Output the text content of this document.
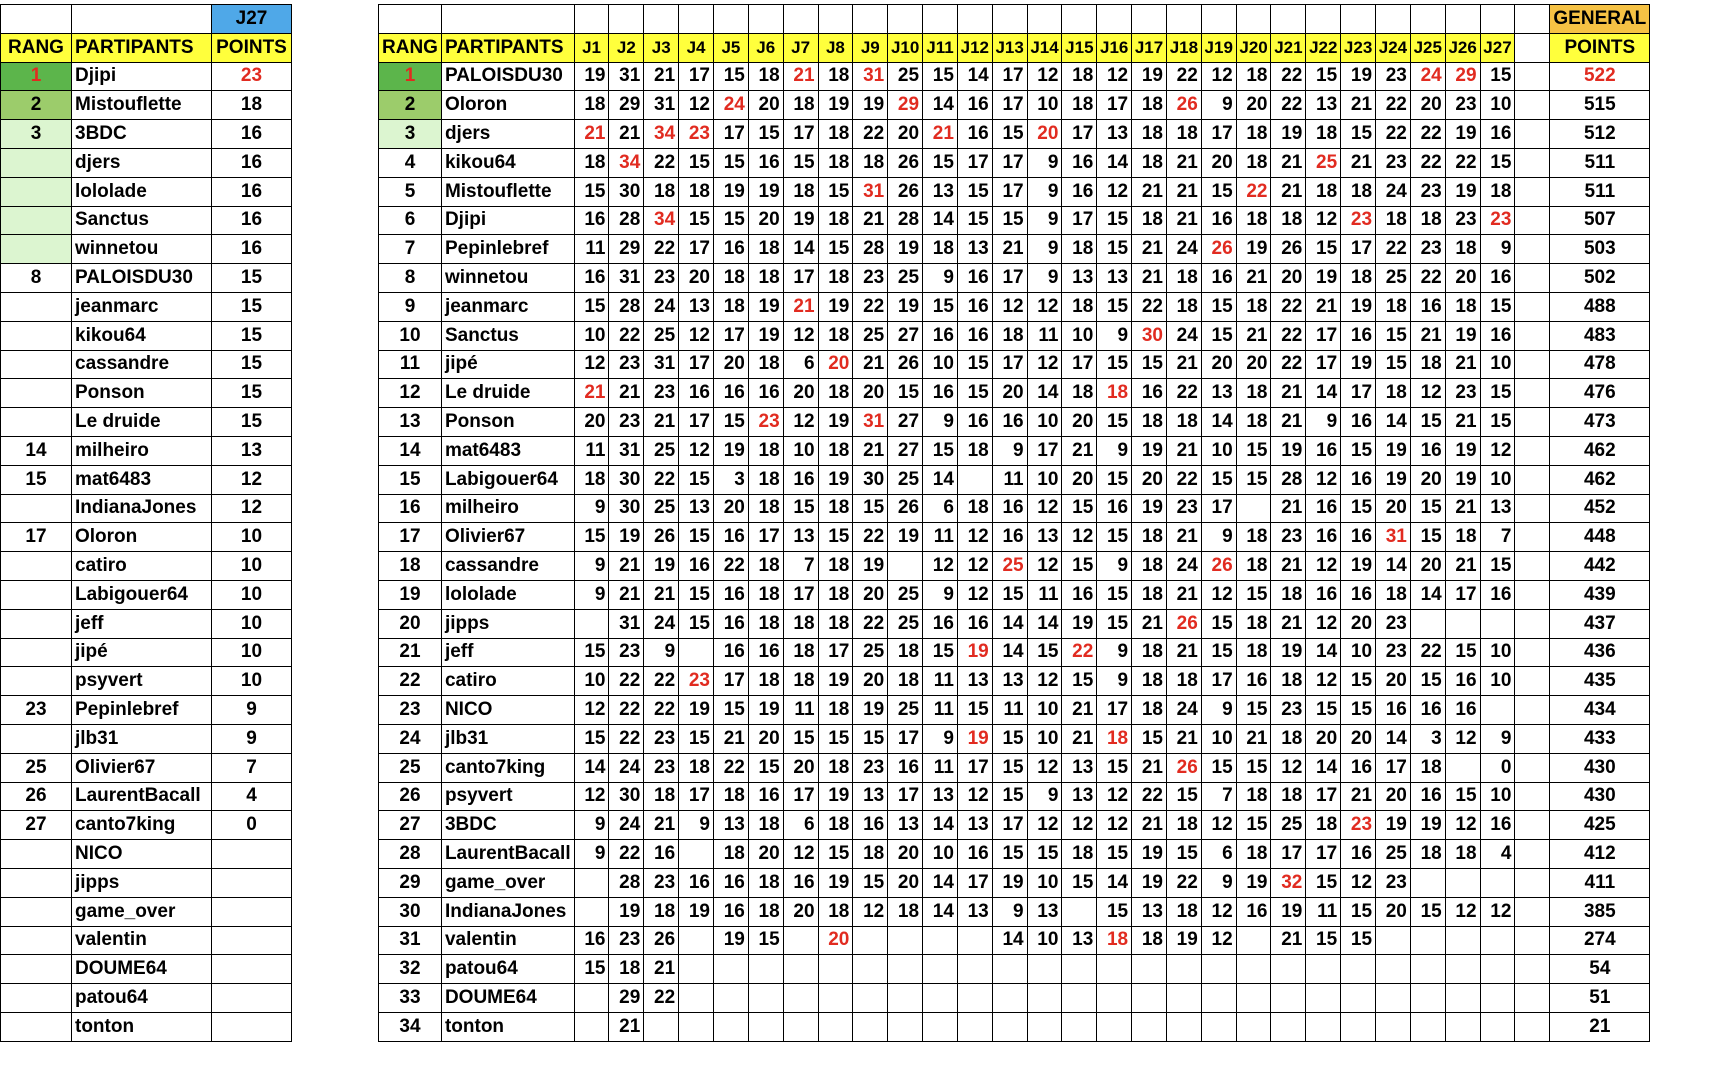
		J27
RANG	PARTIPANTS	POINTS
1	Djipi	23
2	Mistouflette	18
3	3BDC	16
	djers	16
	lololade	16
	Sanctus	16
	winnetou	16
8	PALOISDU30	15
	jeanmarc	15
	kikou64	15
	cassandre	15
	Ponson	15
	Le druide	15
14	milheiro	13
15	mat6483	12
	IndianaJones	12
17	Oloron	10
	catiro	10
	Labigouer64	10
	jeff	10
	jipé	10
	psyvert	10
23	Pepinlebref	9
	jlb31	9
25	Olivier67	7
26	LaurentBacall	4
27	canto7king	0
	NICO	
	jipps	
	game_over	
	valentin	
	DOUME64	
	patou64	
	tonton	
																														GENERAL
RANG	PARTIPANTS	J1	J2	J3	J4	J5	J6	J7	J8	J9	J10	J11	J12	J13	J14	J15	J16	J17	J18	J19	J20	J21	J22	J23	J24	J25	J26	J27		POINTS
1	PALOISDU30	19	31	21	17	15	18	21	18	31	25	15	14	17	12	18	12	19	22	12	18	22	15	19	23	24	29	15		522
2	Oloron	18	29	31	12	24	20	18	19	19	29	14	16	17	10	18	17	18	26	9	20	22	13	21	22	20	23	10		515
3	djers	21	21	34	23	17	15	17	18	22	20	21	16	15	20	17	13	18	18	17	18	19	18	15	22	22	19	16		512
4	kikou64	18	34	22	15	15	16	15	18	18	26	15	17	17	9	16	14	18	21	20	18	21	25	21	23	22	22	15		511
5	Mistouflette	15	30	18	18	19	19	18	15	31	26	13	15	17	9	16	12	21	21	15	22	21	18	18	24	23	19	18		511
6	Djipi	16	28	34	15	15	20	19	18	21	28	14	15	15	9	17	15	18	21	16	18	18	12	23	18	18	23	23		507
7	Pepinlebref	11	29	22	17	16	18	14	15	28	19	18	13	21	9	18	15	21	24	26	19	26	15	17	22	23	18	9		503
8	winnetou	16	31	23	20	18	18	17	18	23	25	9	16	17	9	13	13	21	18	16	21	20	19	18	25	22	20	16		502
9	jeanmarc	15	28	24	13	18	19	21	19	22	19	15	16	12	12	18	15	22	18	15	18	22	21	19	18	16	18	15		488
10	Sanctus	10	22	25	12	17	19	12	18	25	27	16	16	18	11	10	9	30	24	15	21	22	17	16	15	21	19	16		483
11	jipé	12	23	31	17	20	18	6	20	21	26	10	15	17	12	17	15	15	21	20	20	22	17	19	15	18	21	10		478
12	Le druide	21	21	23	16	16	16	20	18	20	15	16	15	20	14	18	18	16	22	13	18	21	14	17	18	12	23	15		476
13	Ponson	20	23	21	17	15	23	12	19	31	27	9	16	16	10	20	15	18	18	14	18	21	9	16	14	15	21	15		473
14	mat6483	11	31	25	12	19	18	10	18	21	27	15	18	9	17	21	9	19	21	10	15	19	16	15	19	16	19	12		462
15	Labigouer64	18	30	22	15	3	18	16	19	30	25	14		11	10	20	15	20	22	15	15	28	12	16	19	20	19	10		462
16	milheiro	9	30	25	13	20	18	15	18	15	26	6	18	16	12	15	16	19	23	17		21	16	15	20	15	21	13		452
17	Olivier67	15	19	26	15	16	17	13	15	22	19	11	12	16	13	12	15	18	21	9	18	23	16	16	31	15	18	7		448
18	cassandre	9	21	19	16	22	18	7	18	19		12	12	25	12	15	9	18	24	26	18	21	12	19	14	20	21	15		442
19	lololade	9	21	21	15	16	18	17	18	20	25	9	12	15	11	16	15	18	21	12	15	18	16	16	18	14	17	16		439
20	jipps		31	24	15	16	18	18	18	22	25	16	16	14	14	19	15	21	26	15	18	21	12	20	23					437
21	jeff	15	23	9		16	16	18	17	25	18	15	19	14	15	22	9	18	21	15	18	19	14	10	23	22	15	10		436
22	catiro	10	22	22	23	17	18	18	19	20	18	11	13	13	12	15	9	18	18	17	16	18	12	15	20	15	16	10		435
23	NICO	12	22	22	19	15	19	11	18	19	25	11	15	11	10	21	17	18	24	9	15	23	15	15	16	16	16			434
24	jlb31	15	22	23	15	21	20	15	15	15	17	9	19	15	10	21	18	15	21	10	21	18	20	20	14	3	12	9		433
25	canto7king	14	24	23	18	22	15	20	18	23	16	11	17	15	12	13	15	21	26	15	15	12	14	16	17	18		0		430
26	psyvert	12	30	18	17	18	16	17	19	13	17	13	12	15	9	13	12	22	15	7	18	18	17	21	20	16	15	10		430
27	3BDC	9	24	21	9	13	18	6	18	16	13	14	13	17	12	12	12	21	18	12	15	25	18	23	19	19	12	16		425
28	LaurentBacall	9	22	16		18	20	12	15	18	20	10	16	15	15	18	15	19	15	6	18	17	17	16	25	18	18	4		412
29	game_over		28	23	16	16	18	16	19	15	20	14	17	19	10	15	14	19	22	9	19	32	15	12	23					411
30	IndianaJones		19	18	19	16	18	20	18	12	18	14	13	9	13		15	13	18	12	16	19	11	15	20	15	12	12		385
31	valentin	16	23	26		19	15		20					14	10	13	18	18	19	12		21	15	15						274
32	patou64	15	18	21																										54
33	DOUME64		29	22																										51
34	tonton		21																											21
